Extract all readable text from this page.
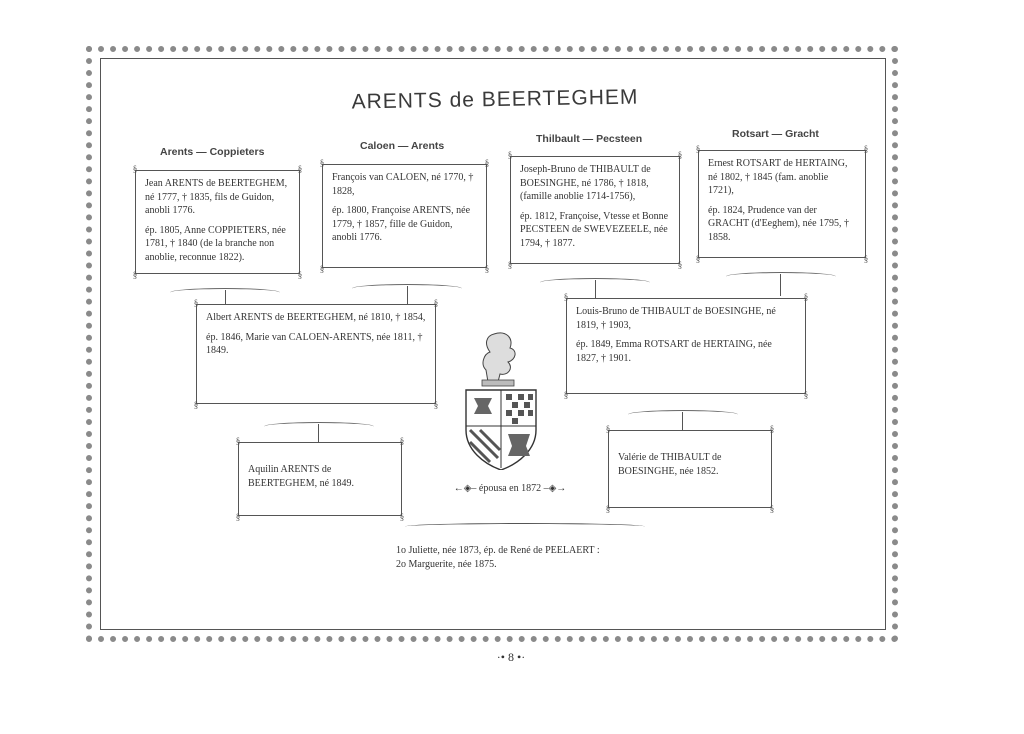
ARENTS de BEERTEGHEM
Arents — Coppieters	Caloen — Arents
Thilbault — Pecsteen	Rotsart — Gracht
§	§
§	§

Jean ARENTS de BEERTEGHEM, né 1777, † 1835, fils de Guidon, anobli 1776.

ép. 1805, Anne COPPIETERS, née 1781, † 1840 (de la branche non anoblie, reconnue 1822).

§	§
§	§

François van CALOEN, né 1770, † 1828,

ép. 1800, Françoise ARENTS, née 1779, † 1857, fille de Guidon, anobli 1776.

§	§
§	§

Joseph-Bruno de THIBAULT de BOESINGHE, né 1786, † 1818, (famille anoblie 1714-1756),

ép. 1812, Françoise, Vtesse et Bonne PECSTEEN de SWEVEZEELE, née 1794, † 1877.

§	§
§	§

Ernest ROTSART de HERTAING, né 1802, † 1845 (fam. anoblie 1721),

ép. 1824, Prudence van der GRACHT (d'Eeghem), née 1795, † 1858.

§	§
§	§

Albert ARENTS de BEERTEGHEM, né 1810, † 1854,

ép. 1846, Marie van CALOEN-ARENTS, née 1811, † 1849.

§	§
§	§

Louis-Bruno de THIBAULT de BOESINGHE, né 1819, † 1903,

ép. 1849, Emma ROTSART de HERTAING, née 1827, † 1901.

§	§
§	§

Aquilin ARENTS de BEERTEGHEM, né 1849.

§	§
§	§

Valérie de THIBAULT de BOESINGHE, née 1852.

←◈– épousa en 1872 –◈→
1o Juliette, née 1873, ép. de René de PEELAERT :
2o Marguerite, née 1875.
·• 8 •·
